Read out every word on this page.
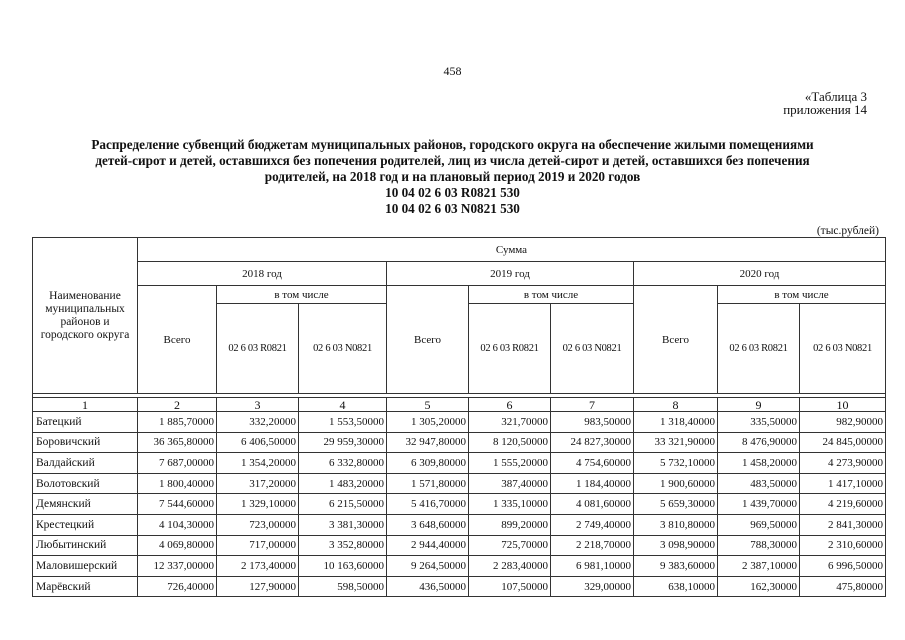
458
«Таблица 3
приложения 14
Распределение субвенций бюджетам муниципальных районов, городского округа на обеспечение жилыми помещениями
детей-сирот и детей, оставшихся без попечения родителей, лиц из числа детей-сирот и детей, оставшихся без попечения
родителей, на 2018 год и на плановый период 2019 и 2020 годов
10 04 02 6 03 R0821 530
10 04 02 6 03 N0821 530
(тыс.рублей)
Наименование муниципальных районов и городского округа	Сумма								
	2018 год			2019 год			2020 год		
	Всего	в том числе		Всего	в том числе		Всего	в том числе	
		02 6 03 R0821	02 6 03 N0821		02 6 03 R0821	02 6 03 N0821		02 6 03 R0821	02 6 03 N0821

1	2	3	4	5	6	7	8	9	10
Батецкий	1 885,70000	332,20000	1 553,50000	1 305,20000	321,70000	983,50000	1 318,40000	335,50000	982,90000
Боровичский	36 365,80000	6 406,50000	29 959,30000	32 947,80000	8 120,50000	24 827,30000	33 321,90000	8 476,90000	24 845,00000
Валдайский	7 687,00000	1 354,20000	6 332,80000	6 309,80000	1 555,20000	4 754,60000	5 732,10000	1 458,20000	4 273,90000
Волотовский	1 800,40000	317,20000	1 483,20000	1 571,80000	387,40000	1 184,40000	1 900,60000	483,50000	1 417,10000
Демянский	7 544,60000	1 329,10000	6 215,50000	5 416,70000	1 335,10000	4 081,60000	5 659,30000	1 439,70000	4 219,60000
Крестецкий	4 104,30000	723,00000	3 381,30000	3 648,60000	899,20000	2 749,40000	3 810,80000	969,50000	2 841,30000
Любытинский	4 069,80000	717,00000	3 352,80000	2 944,40000	725,70000	2 218,70000	3 098,90000	788,30000	2 310,60000
Маловишерский	12 337,00000	2 173,40000	10 163,60000	9 264,50000	2 283,40000	6 981,10000	9 383,60000	2 387,10000	6 996,50000
Марёвский	726,40000	127,90000	598,50000	436,50000	107,50000	329,00000	638,10000	162,30000	475,80000
